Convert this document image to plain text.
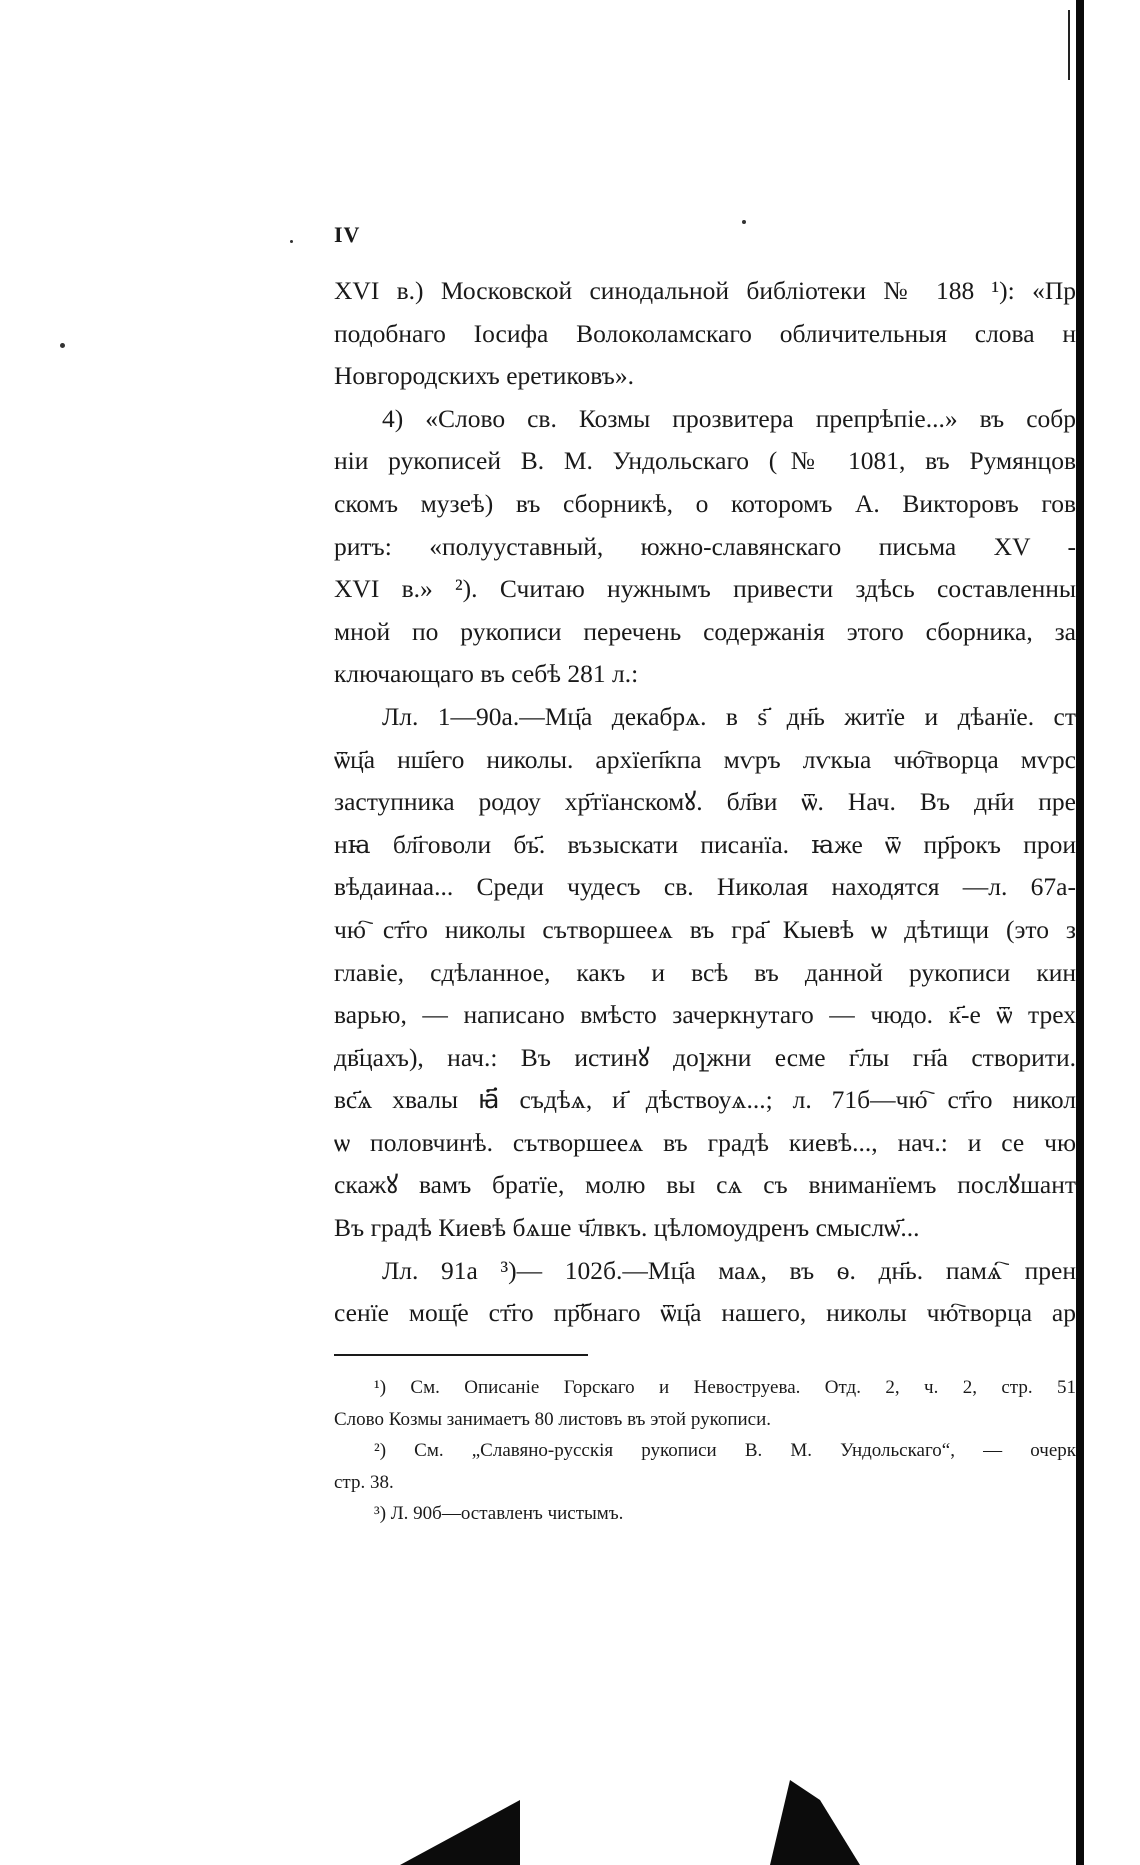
IV
XVI в.) Московской синодальной библіотеки № 188 ¹): «Пр
подобнаго Іосифа Волоколамскаго обличительныя слова н
Новгородскихъ еретиковъ».
4) «Слово св. Козмы прозвитера препрѣпіе...» въ собр
нiи рукописей В. М. Ундольскаго (№ 1081, въ Румянцов
скомъ музеѣ) въ сборникѣ, о которомъ А. Викторовъ гов
ритъ: «полууставный, южно-славянскаго письма XV -
XVI в.» ²). Считаю нужнымъ привести здѣсь составленны
мной по рукописи перечень содержанія этого сборника, за
ключающаго въ себѣ 281 л.:
Лл. 1—90а.—Мц҃а декабрѧ. в ѕ҃ дн҃ь житїе и дѣанїе. ст
ѿц҃а нш҃его николы. архїеп҃кпа мѵръ лѵкыа чю҇творца мѵрс
заступника родоу хр҃тїанскомꙋ. бл҃ви ѿ. Нач. Въ дн҃и пре
нꙗ бл҃говоли бъ҃. възыскати писанїа. ꙗже ѿ пр҃рокъ прои
вѣдаинаа... Среди чудесъ св. Николая находятся —л. 67а-
чю҇ ст҃го николы сътворшееѧ въ гра҃ Кыевѣ ѡ дѣтищи (это з
главіе, сдѣланное, какъ и всѣ въ данной рукописи кин
варью, — написано вмѣсто зачеркнутаго — чюдо. к҃-е ѿ трех
дв҃цахъ), нач.: Въ истинꙋ доլжни есме г҃лы гн҃а створити.
вс҃ѧ хвалы ꙗ҃ съдѣѧ, и҃ дѣствоуѧ...; л. 71б—чю҇ ст҃го никол
ѡ половчинѣ. сътворшееѧ въ градѣ киевѣ..., нач.: и се чю
скажꙋ вамъ братїе, молю вы сѧ съ вниманїемъ послꙋшант
Въ градѣ Киевѣ бѧше ч҃лвкъ. цѣломоудренъ смыслѡ҃...
Лл. 91а ³)— 102б.—Мц҃а маѧ, въ ѳ. дн҃ь. памѧ҇ прен
сенїе мощ҃е ст҃го пр҃бнаго ѿц҃а нашего, николы чю҇творца ар
¹) См. Описаніе Горскаго и Невоструева. Отд. 2, ч. 2, стр. 51
Слово Козмы занимаетъ 80 листовъ въ этой рукописи.
²) См. „Славяно-русскія рукописи В. М. Ундольскаго“, — очерк
стр. 38.
³) Л. 90б—оставленъ чистымъ.
